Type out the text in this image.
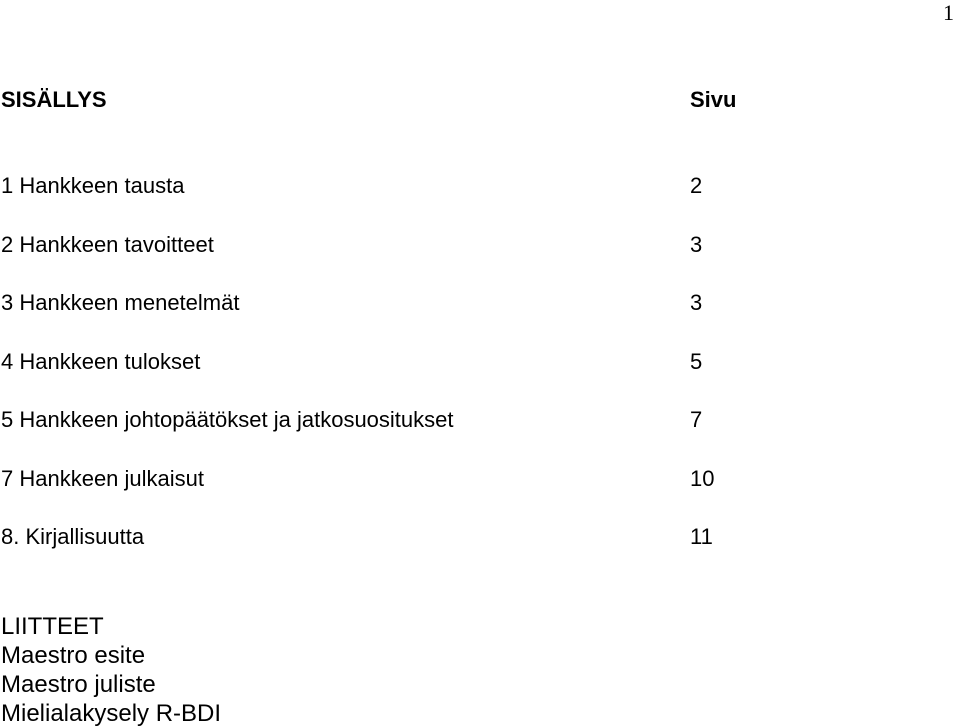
1
SISÄLLYS	Sivu
1 Hankkeen tausta	2
2 Hankkeen tavoitteet	3
3 Hankkeen menetelmät	3
4 Hankkeen tulokset	5
5 Hankkeen johtopäätökset ja jatkosuositukset	7
7 Hankkeen julkaisut	10
8. Kirjallisuutta	11
LIITTEET
Maestro esite
Maestro juliste
Mielialakysely R-BDI
